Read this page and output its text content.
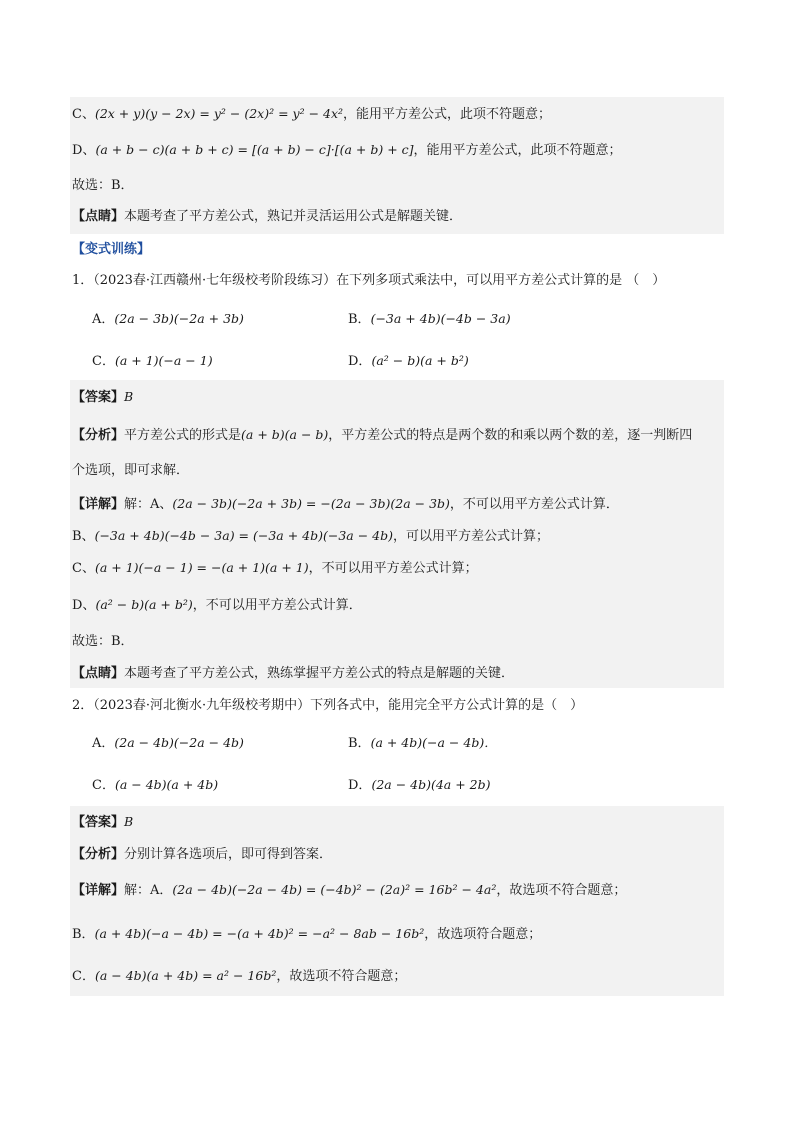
C、(2x + y)(y − 2x) = y² − (2x)² = y² − 4x²，能用平方差公式，此项不符题意；
D、(a + b − c)(a + b + c) = [(a + b) − c]·[(a + b) + c]，能用平方差公式，此项不符题意；
故选：B．
【点睛】本题考查了平方差公式，熟记并灵活运用公式是解题关键．
【变式训练】
1．（2023春·江西赣州·七年级校考阶段练习）在下列多项式乘法中，可以用平方差公式计算的是 （　）
A．(2a − 3b)(−2a + 3b)	B．(−3a + 4b)(−4b − 3a)
C．(a + 1)(−a − 1)	D．(a² − b)(a + b²)
【答案】B
【分析】平方差公式的形式是(a + b)(a − b)，平方差公式的特点是两个数的和乘以两个数的差，逐一判断四
个选项，即可求解．
【详解】解：A、(2a − 3b)(−2a + 3b) = −(2a − 3b)(2a − 3b)，不可以用平方差公式计算．
B、(−3a + 4b)(−4b − 3a) = (−3a + 4b)(−3a − 4b)，可以用平方差公式计算；
C、(a + 1)(−a − 1) = −(a + 1)(a + 1)，不可以用平方差公式计算；
D、(a² − b)(a + b²)，不可以用平方差公式计算．
故选：B．
【点睛】本题考查了平方差公式，熟练掌握平方差公式的特点是解题的关键．
2．（2023春·河北衡水·九年级校考期中）下列各式中，能用完全平方公式计算的是（　）
A．(2a − 4b)(−2a − 4b)	B．(a + 4b)(−a − 4b)．
C．(a − 4b)(a + 4b)	D．(2a − 4b)(4a + 2b)
【答案】B
【分析】分别计算各选项后，即可得到答案．
【详解】解：A．(2a − 4b)(−2a − 4b) = (−4b)² − (2a)² = 16b² − 4a²，故选项不符合题意；
B．(a + 4b)(−a − 4b) = −(a + 4b)² = −a² − 8ab − 16b²，故选项符合题意；
C．(a − 4b)(a + 4b) = a² − 16b²，故选项不符合题意；
